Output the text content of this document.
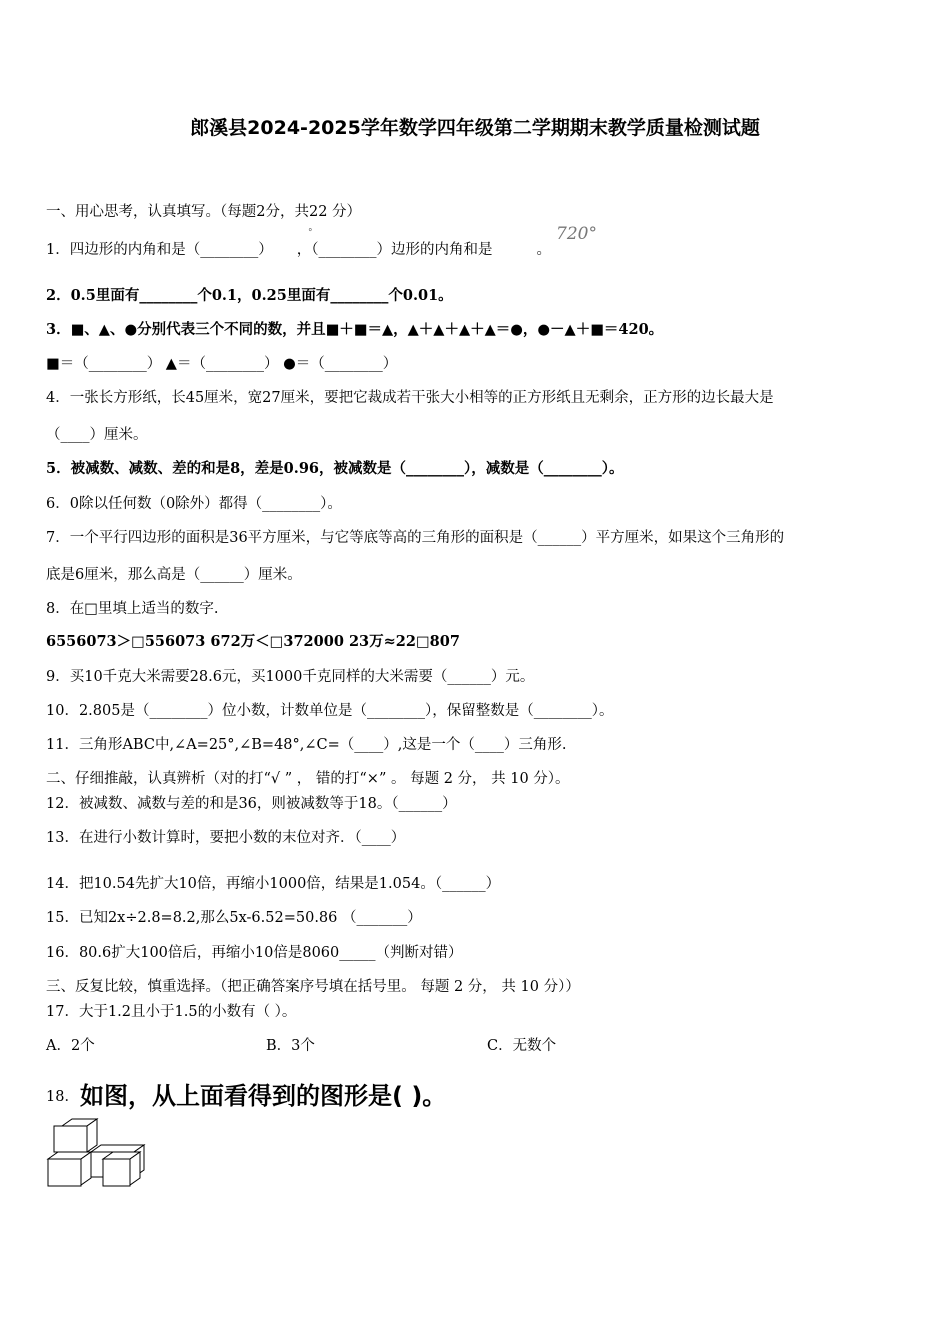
郎溪县2024-2025学年数学四年级第二学期期末教学质量检测试题
一、用心思考，认真填写。（每题2分，共22 分）
1．四边形的内角和是（________） ，（________）边形的内角和是	。
°	720°
2．0.5里面有________个0.1，0.25里面有________个0.01。
3．■、▲、●分别代表三个不同的数，并且■＋■＝▲，▲＋▲＋▲＋▲＝●，●－▲＋■＝420。
■＝（________） ▲＝（________） ●＝（________）
4．一张长方形纸，长45厘米，宽27厘米，要把它裁成若干张大小相等的正方形纸且无剩余，正方形的边长最大是
（____）厘米。
5．被减数、减数、差的和是8，差是0.96，被减数是（________），减数是（________）。
6．0除以任何数（0除外）都得（________）。
7．一个平行四边形的面积是36平方厘米，与它等底等高的三角形的面积是（______）平方厘米，如果这个三角形的
底是6厘米，那么高是（______）厘米。
8．在□里填上适当的数字.
6556073＞□556073 672万＜□372000 23万≈22□807
9．买10千克大米需要28.6元，买1000千克同样的大米需要（______）元。
10．2.805是（________）位小数，计数单位是（________），保留整数是（________）。
11．三角形ABC中,∠A=25°,∠B=48°,∠C=（____）,这是一个（____）三角形.
二、仔细推敲，认真辨析（对的打“√ ” ， 错的打“×” 。 每题 2 分， 共 10 分）。
12．被减数、减数与差的和是36，则被减数等于18。（______）
13．在进行小数计算时，要把小数的末位对齐．（____）
14．把10.54先扩大10倍，再缩小1000倍，结果是1.054。（______）
15．已知2x÷2.8=8.2,那么5x-6.52=50.86 （_______）
16．80.6扩大100倍后，再缩小10倍是8060_____（判断对错）
三、反复比较，慎重选择。（把正确答案序号填在括号里。 每题 2 分， 共 10 分））
17．大于1.2且小于1.5的小数有（ ）。
A．2个	B．3个	C．无数个
18． 如图，从上面看得到的图形是( )。
